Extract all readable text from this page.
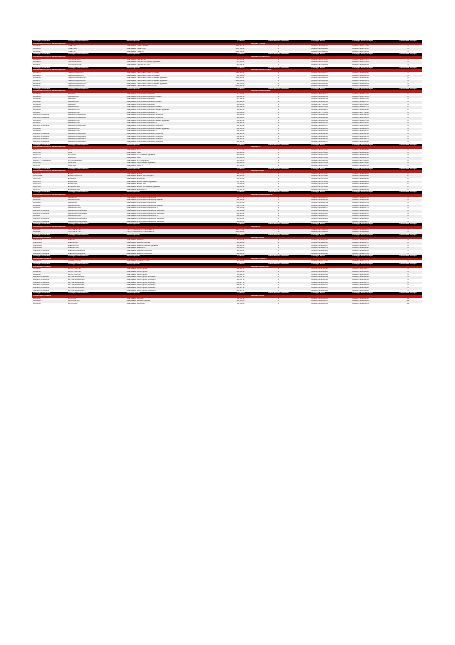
Codigo Articulo	Codigo Alternativo	Descripción	Precio	Descuento Familia	Codigo EAN	Codigo EAN Grupo	Cantidad Grupo
CAMARAS ALTA SEGURIDAD	SERIE TITAN
001460	Titan-BT	Candado Titan blister	115,27 €	1	8420078816011	8420078487788	3
001461	Titan-KA	Candado Titan KA	117,60 €	1	8420078816028	8420078487547	3
001462	Titan-D	Candado Titan D	121,39 €	1	8420078816035	8420078487554	3
Codigo Articulo	Codigo Alternativo	Descripción	Precio	Descuento Familia	Codigo EAN	Codigo EAN Grupo	Cantidad Grupo
CAMARAS ALTA SEGURIDAD	SERIE HUNOS III
001809	HUNOS3-BT	Candado Hunos III	65,64 €	1	8420078817001	8420078487717	6
001810	HUNOS3-KA	Candado Hunos III llaves iguales	67,30 €	1	8420078817018	8420078487724	6
001847	HUNOS3-XR	Candado Hunos III XR	80,32 €	1	8420078784609	8420078806460	4
Codigo Articulo	Codigo Alternativo	Descripción	Precio	Descuento Familia	Codigo EAN	Codigo EAN Grupo	Cantidad Grupo
CAMARAS ALTA SEGURIDAD	SERIE HERCULES
001215	HERCULES-BT	Candado Hercules mod.4 blister	100,20 €	1	8420078815007	8420078806408	6
001216	HERCULES-KT	Candado Hercules mod.4 blister	81,88 €	1	8420078815014	8420078806415	6
001256	HERCULES2-KA	Candado Hercules mod.4 llaves iguales	100,43 €	1	8420078815021	8420078806538	6
001257	HERCULES4-KA	Candado Hercules mod.4 llaves iguales	108,09 €	1	8420078815038	8420078806521	6
001258	HERCULES6-KA	Candado Hercules mod.6 llaves iguales	99,50 €	1	8420078815045	8420078806514	6
001257	HERCULES-XR	Candado Hercules mod.4 XR	200,20 €	1	8420078815052	8420078806460	4
Codigo Articulo	Codigo Alternativo	Descripción	Precio	Descuento Familia	Codigo EAN	Codigo EAN Grupo	Cantidad Grupo
CAMARAS ALTA SEGURIDAD	SERIE ARMORED
001966	ARM60	Candado Armoured ARM60	27,09 €	1	8420078886115	8420078806720	8
001061	ARM60-BT	Candado Armoured ARM60 blister	26,21 €	1	8420078886122	8420078807505	8
001060	ARM60	Candado Armoured ARM60	27,61 €	1	8420078886139	8420078806720	6
001062	ARM60-BT	Candado Armoured ARM60 blister	26,88 €	1	8420078886146	8420078806737	6
001064	ARM60	Candado Armoured ARM60	40,49 €	1	8420078774383	8420078817480	6
001065	ARM60-BT	Candado Armoured ARM60 blister	41,82 €	1	8420078887641	8420078806775	2
001066	ARM60-KA	Candado Armoured ARM60 llaves iguales	26,21 €	1	8420078861115	8420078806140	8
001067	ARM60-XR	Candado Armoured ARM60 X	28,88 €	1	8420078777561	8420078177808	6
0021870-00180	ARM60-KA00180	Candado Armoured ARM60 x00180	28,88 €	1	8420078862839	8420078021495	6
0021870-00200	ARM60-KA00200	Candado Armoured ARM60 x00200	28,88 €	1	8420078862846	8420078021501	6
001069	ARM60-KA	Candado Armoured ARM60 llaves iguales	40,23 €	1	8420078886149	8420078806799	6
001067	ARM60-XR	Candado Armoured ARM60 x	42,01 €	1	8420078885555	8420078017518	6
0021871-00588	ARM60-KA00588	Candado Armoured ARM60 x00588	41,83 €	1	8420078860537	8420078021520	6
001068	ARM60-KA	Candado Armoured ARM60 llaves iguales	42,00 €	1	8420078886105	8420078098315	6
001069	ARM60-XR	Candado Armoured ARM60 x	41,83 €	1	8420078885531	8420078021537	6
0021871-00128	ARM60-KA00128	Candado Armoured ARM60 x00128	42,21 €	1	8420078821236	8420078421344	6
0021871-00024	ARM60-KA00024	Candado Armoured ARM60 x00024	42,21 €	1	8420078821243	8420078421351	6
0021871-00027	ARM60-KA00027	Candado Armoured ARM60 x00027	42,21 €	1	8420078821250	8420078421375	6
0021871-00028	ARM60-KA00028	Candado Armoured ARM60 x00028	42,21 €	1	8420078821267	8420078421368	6
Codigo Articulo	Codigo Alternativo	Descripción	Precio	Descuento Familia	Codigo EAN	Codigo EAN Grupo	Cantidad Grupo
CAMARAS ALTA SEGURIDAD	SERIE U
001770	L70	Candado L70	17,73 €	1	8420078007011	8420078000088	6
001783	U80	Candado U80	20,48 €	1	8420078007028	8420078000092	6
001770	L70-KA	Candado L70 llaves iguales	25,80 €	1	8420078007035	8420078006148	6
001779	L80-KA	Candado L80	25,80 €	1	8420078007042	8420078006155	6
0001777-U88802	L70-KA88802	Candado L70 x88802	25,80 €	1	8420078152513	8420078176020	6
001780	U80-KA	Candado U80 llaves iguales	20,48 €	1	8420078007059	8420078687188	6
001787	U80-XR	Candado U80 x	25,80 €	1	8420078007066	8420078868534	6
Codigo Articulo	Codigo Alternativo	Descripción	Precio	Descuento Familia	Codigo EAN	Codigo EAN Grupo	Cantidad Grupo
CAMARAS ALTA SEGURIDAD	SERIE E360
001703	E360	Candado E360	64,76 €	1	8420078317011	8420078428883	2
001704a	E360-NOCX1	Candado E360 sin cilindro	90,84 €	1	8420078317028	8420078428890	2
001712	E360AL	Candado E360AL	65,13 €	1	8420078317035	8420078428906	2
001713	E360-KA	Candado E360 llaves iguales	67,10 €	1	8420078317042	8420078428913	2
001716	E360-XR	Candado E360 XR	71,88 €	1	8420078317059	8420078428920	2
001718	E360AL-KA	Candado E360 XL llaves iguales	68,18 €	1	8420078317066	8420078428937	2
001717	E360AL-XR	Candado E360AL x	71,87 €	1	8420078317073	8420078428944	2
Codigo Articulo	Codigo Alternativo	Descripción	Precio	Descuento Familia	Codigo EAN	Codigo EAN Grupo	Cantidad Grupo
CAMARAS ALTA SEGURIDAD	SERIE ARMORED II
001160	ARM65II	Candado Armoured ARM65II	40,77 €	1	8420078822125	8420078428135	6
001161	ARM65II-BT	Candado Armoured ARM65II blister	42,00 €	1	8420078822142	8420078428142	6
001160	ARM65II	Candado Armoured ARM65II	43,44 €	1	8420078822159	8420078428159	6
001161	ARM65II-BT	Candado Armoured ARM65II blister	44,73 €	1	8420078822166	8420078428166	6
001167	ARM65II-XR	Candado Armoured ARM65II x	44,63 €	1	8420078822227	8420078428173	6
0021873-00088	ARM65II-KA00088	Candado Armoured ARM65II x00088	44,04 €	1	8420078822289	8420078428180	6
0021873-00988	ARM65II-KA00988	Candado Armoured ARM65II x00988	44,04 €	1	8420078822300	8420078428197	6
001167	ARM65II-XR	Candado Armoured ARM65II x	48,03 €	1	8420078822317	8420078428203	6
0021874-00881	ARM65II-KA00881	Candado Armoured ARM65II x00881	48,03 €	1	8420078822324	8420078428210	6
0021874-00882	ARM65II-KA00882	Candado Armoured ARM65II x00882	48,03 €	1	8420078822331	8420078428227	6
Codigo Articulo	Codigo Alternativo	Descripción	Precio	Descuento Familia	Codigo EAN	Codigo EAN Grupo	Cantidad Grupo
CAMARAS ALTA SEGURIDAD	SERIE H
001118	H-H 50.0 HH	HH-H 50x100 + Hercules II	100,73 €	1	8420078782415	8420078582411	6
001182	H-H 80.0 HH	HH-H 80x100 + Hercules II	113,83 €	1	8420078782422	8420078582428	6
Codigo Articulo	Codigo Alternativo	Descripción	Precio	Descuento Familia	Codigo EAN	Codigo EAN Grupo	Cantidad Grupo
CAMARAS INOX	SERIE INOX
0481001	Max60	Candado Max60	26,66 €	1	8420078428643	8420078428619	6
0481001	Max60-BT	Candado Max60 blister	28,48 €	1	8420078428650	8420078428657	6
0481003	Max60-KA	Candado Max60 llaves iguales	28,48 €	1	8420078428667	8420078428671	6
0481006	Max60-XR	Candado Max60 x	29,88 €	1	8420078428674	8420078428688	6
0481087-00004	Max60-KA00004	Candado Max60 x00004	29,88 €	1	8420078428681	8420078428695	6
0481087-00889	Max60-KA00889	Candado Max60 x00889	29,88 €	1	8420078428698	8420078428701	6
Codigo Articulo	Codigo Alternativo	Descripción	Precio	Descuento Familia	Codigo EAN	Codigo EAN Grupo	Cantidad Grupo
CAMARAS INOX	SERIE CAMDY
00631-2	CAMDY-X30	Candado CAMDY x30	21,68 €	1	8420078807760	8420078807779	6
Codigo Articulo	Codigo Alternativo	Descripción	Precio	Descuento Familia	Codigo EAN	Codigo EAN Grupo	Cantidad Grupo
CAMARAS INOX	SERIE INOXTOP
009040	INOXTOP40	Candado InoxTop40	22,81 €	1	8420078421318	8420078421427	6
009050	INOXTOP50	Candado InoxTop50	26,50 €	1	8420078421325	8420078421386	6
009060	INOXTOP60	Candado InoxTop60	38,42 €	1	8420078421332	8420078421393	6
0009074-01188	INT40-KA01188	Candado InoxTop40 x01188	26,57 €	1	8420078421349	8420078421458	6
0009074-01203	INT40-KA01203	Candado InoxTop40 x01203	26,57 €	1	8420078421356	8420078421465	6
0009075-00021	INT50-KA00021	Candado InoxTop50 x00021	40,27 €	1	8420078421363	8420078421472	6
0009075-01091	INT50-KA01091	Candado InoxTop50 x01091	40,27 €	1	8420078421370	8420078421489	6
0009076-00021	INT60-KA00021	Candado InoxTop60 x00021	41,27 €	1	8420078421387	8420078421496	6
0009076-00083	INT60-KA00083	Candado InoxTop60 x00083	41,27 €	1	8420078421394	8420078421502	6
Codigo Articulo	Codigo Alternativo	Descripción	Precio	Descuento Familia	Codigo EAN	Codigo EAN Grupo	Cantidad Grupo
CAMARAS INOX	SERIE INOX
005030	INOX30	Candado Inox30	11,61 €	1	8420078006001	8420078806060	12
005040	INOX40-BT	Candado Inox40 blister	21,10 €	1	8420078806007	8420078806083	12
005050	INOX50L	Candado Inox50L	11,38 €	1	8420078806014	8420078806121	12
